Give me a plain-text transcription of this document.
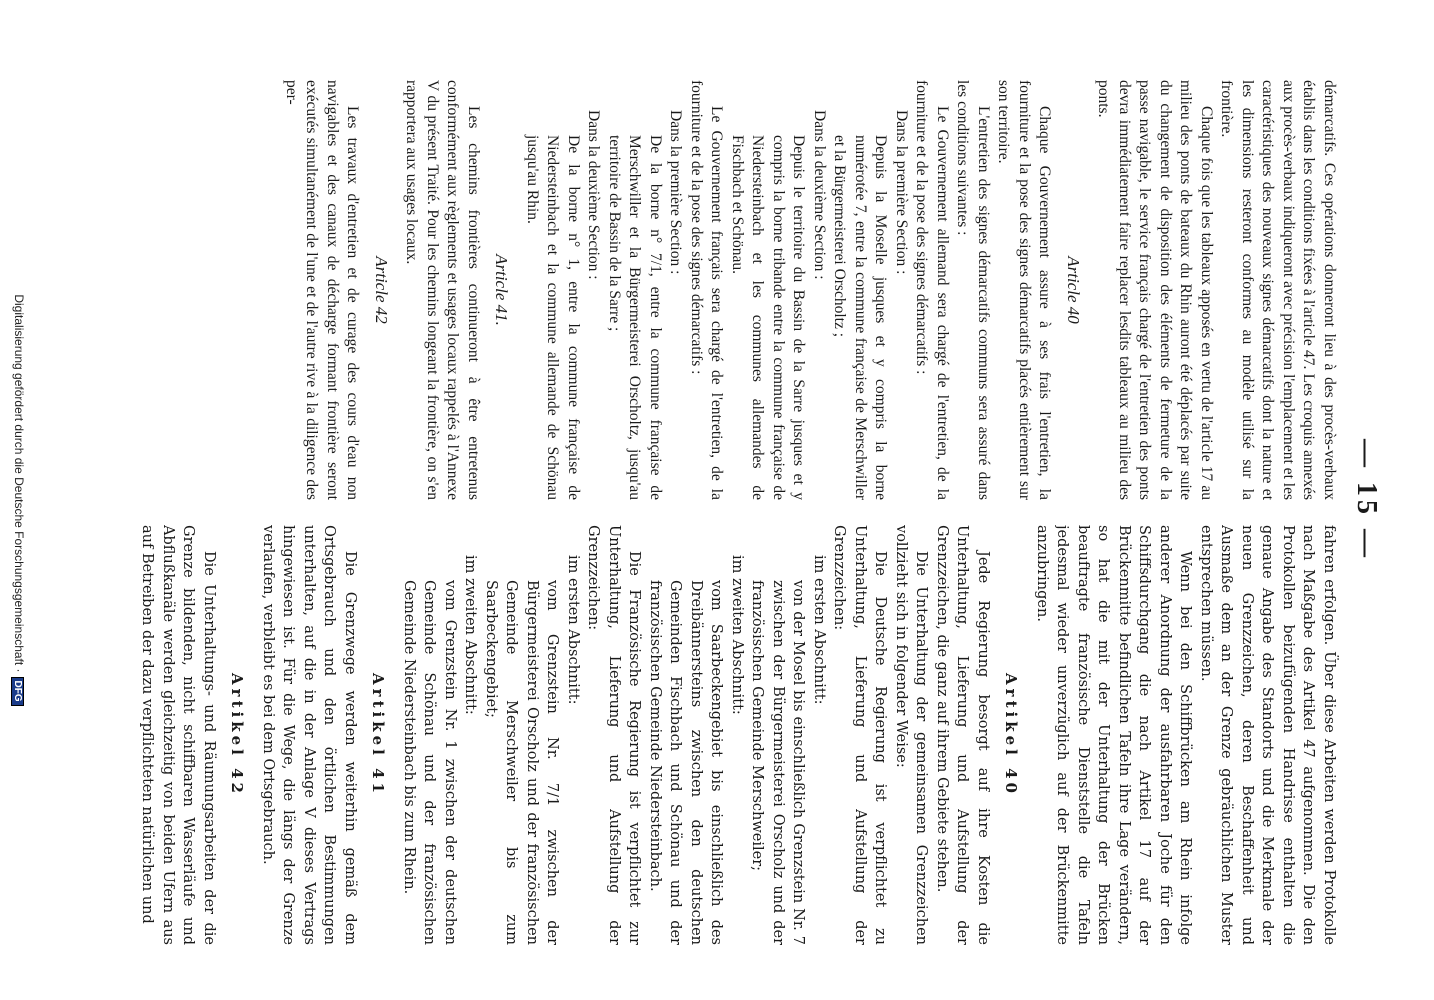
— 15 —

démarcatifs. Ces opérations donneront lieu à des procès-verbaux établis dans les conditions fixées à l'article 47. Les croquis annexés aux procès-verbaux indiqueront avec précision l'emplacement et les caractéristiques des nouveaux signes démarcatifs dont la nature et les dimensions resteront conformes au modèle utilisé sur la frontière.

Chaque fois que les tableaux apposés en vertu de l'article 17 au milieu des ponts de bateaux du Rhin auront été déplacés par suite du changement de disposition des éléments de fermeture de la passe navigable, le service français chargé de l'entretien des ponts devra immédiatement faire replacer lesdits tableaux au milieu des ponts.

Article 40

Chaque Gouvernement assure à ses frais l'entretien, la fourniture et la pose des signes démarcatifs placés entièrement sur son territoire.

L'entretien des signes démarcatifs communs sera assuré dans les conditions suivantes :

Le Gouvernement allemand sera chargé de l'entretien, de la fourniture et de la pose des signes démarcatifs :

Dans la première Section :

Depuis la Moselle jusques et y compris la borne numérotée 7, entre la commune française de Merschwiller et la Bürgermeisterei Orscholtz ;

Dans la deuxième Section :

Depuis le territoire du Bassin de la Sarre jusques et y compris la borne tribande entre la commune française de Niedersteinbach et les communes allemandes de Fischbach et Schönau.

Le Gouvernement français sera chargé de l'entretien, de la fourniture et de la pose des signes démarcatifs :

Dans la première Section :

De la borne n° 7/1, entre la commune française de Merschwiller et la Bürgermeisterei Orscholtz, jusqu'au territoire de Bassin de la Sarre ;

Dans la deuxième Section :

De la borne n° 1, entre la commune française de Niedersteinbach et la commune allemande de Schönau jusqu'au Rhin.

Article 41.

Les chemins frontières continueront à être entretenus conformément aux règlements et usages locaux rappelés à l'Annexe V du présent Traité. Pour les chemins longeant la frontière, on s'en rapportera aux usages locaux.

Article 42

Les travaux d'entretien et de curage des cours d'eau non navigables et des canaux de décharge formant frontière seront exécutés simultanément de l'une et de l'autre rive à la diligence des per-

fahren erfolgen. Über diese Arbeiten werden Protokolle nach Maßgabe des Artikel 47 aufgenommen. Die den Protokollen beizufügenden Handrisse enthalten die genaue Angabe des Standorts und die Merkmale der neuen Grenzzeichen, deren Beschaffenheit und Ausmaße dem an der Grenze gebräuchlichen Muster entsprechen müssen.

Wenn bei den Schiffbrücken am Rhein infolge anderer Anordnung der ausfahrbaren Joche für den Schiffsdurchgang die nach Artikel 17 auf der Brückenmitte befindlichen Tafeln ihre Lage verändern, so hat die mit der Unterhaltung der Brücken beauftragte französische Dienststelle die Tafeln jedesmal wieder unverzüglich auf der Brückenmitte anzubringen.

Artikel 40

Jede Regierung besorgt auf ihre Kosten die Unterhaltung, Lieferung und Aufstellung der Grenzzeichen, die ganz auf ihrem Gebiete stehen.

Die Unterhaltung der gemeinsamen Grenzzeichen vollzieht sich in folgender Weise:

Die Deutsche Regierung ist verpflichtet zu Unterhaltung, Lieferung und Aufstellung der Grenzzeichen:

im ersten Abschnitt:

von der Mosel bis einschließlich Grenzstein Nr. 7 zwischen der Bürgermeisterei Orscholz und der französischen Gemeinde Merschweiler;

im zweiten Abschnitt:

vom Saarbeckengebiet bis einschließlich des Dreibännersteins zwischen den deutschen Gemeinden Fischbach und Schönau und der französischen Gemeinde Niedersteinbach.

Die Französische Regierung ist verpflichtet zur Unterhaltung, Lieferung und Aufstellung der Grenzzeichen:

im ersten Abschnitt:

vom Grenzstein Nr. 7/1 zwischen der Bürgermeisterei Orscholz und der französischen Gemeinde Merschweiler bis zum Saarbeckengebiet;

im zweiten Abschnitt:

vom Grenzstein Nr. 1 zwischen der deutschen Gemeinde Schönau und der französischen Gemeinde Niedersteinbach bis zum Rhein.

Artikel 41

Die Grenzwege werden weiterhin gemäß dem Ortsgebrauch und den örtlichen Bestimmungen unterhalten, auf die in der Anlage V dieses Vertrags hingewiesen ist. Für die Wege, die längs der Grenze verlaufen, verbleibt es bei dem Ortsgebrauch.

Artikel 42

Die Unterhaltungs- und Räumungsarbeiten der die Grenze bildenden, nicht schiffbaren Wasserläufe und Abflußkanäle werden gleichzeitig von beiden Ufern aus auf Betreiben der dazu verpflichteten natürlichen und

Digitalisierung gefördert durch die Deutsche Forschungsgemeinschaft ·DFG
